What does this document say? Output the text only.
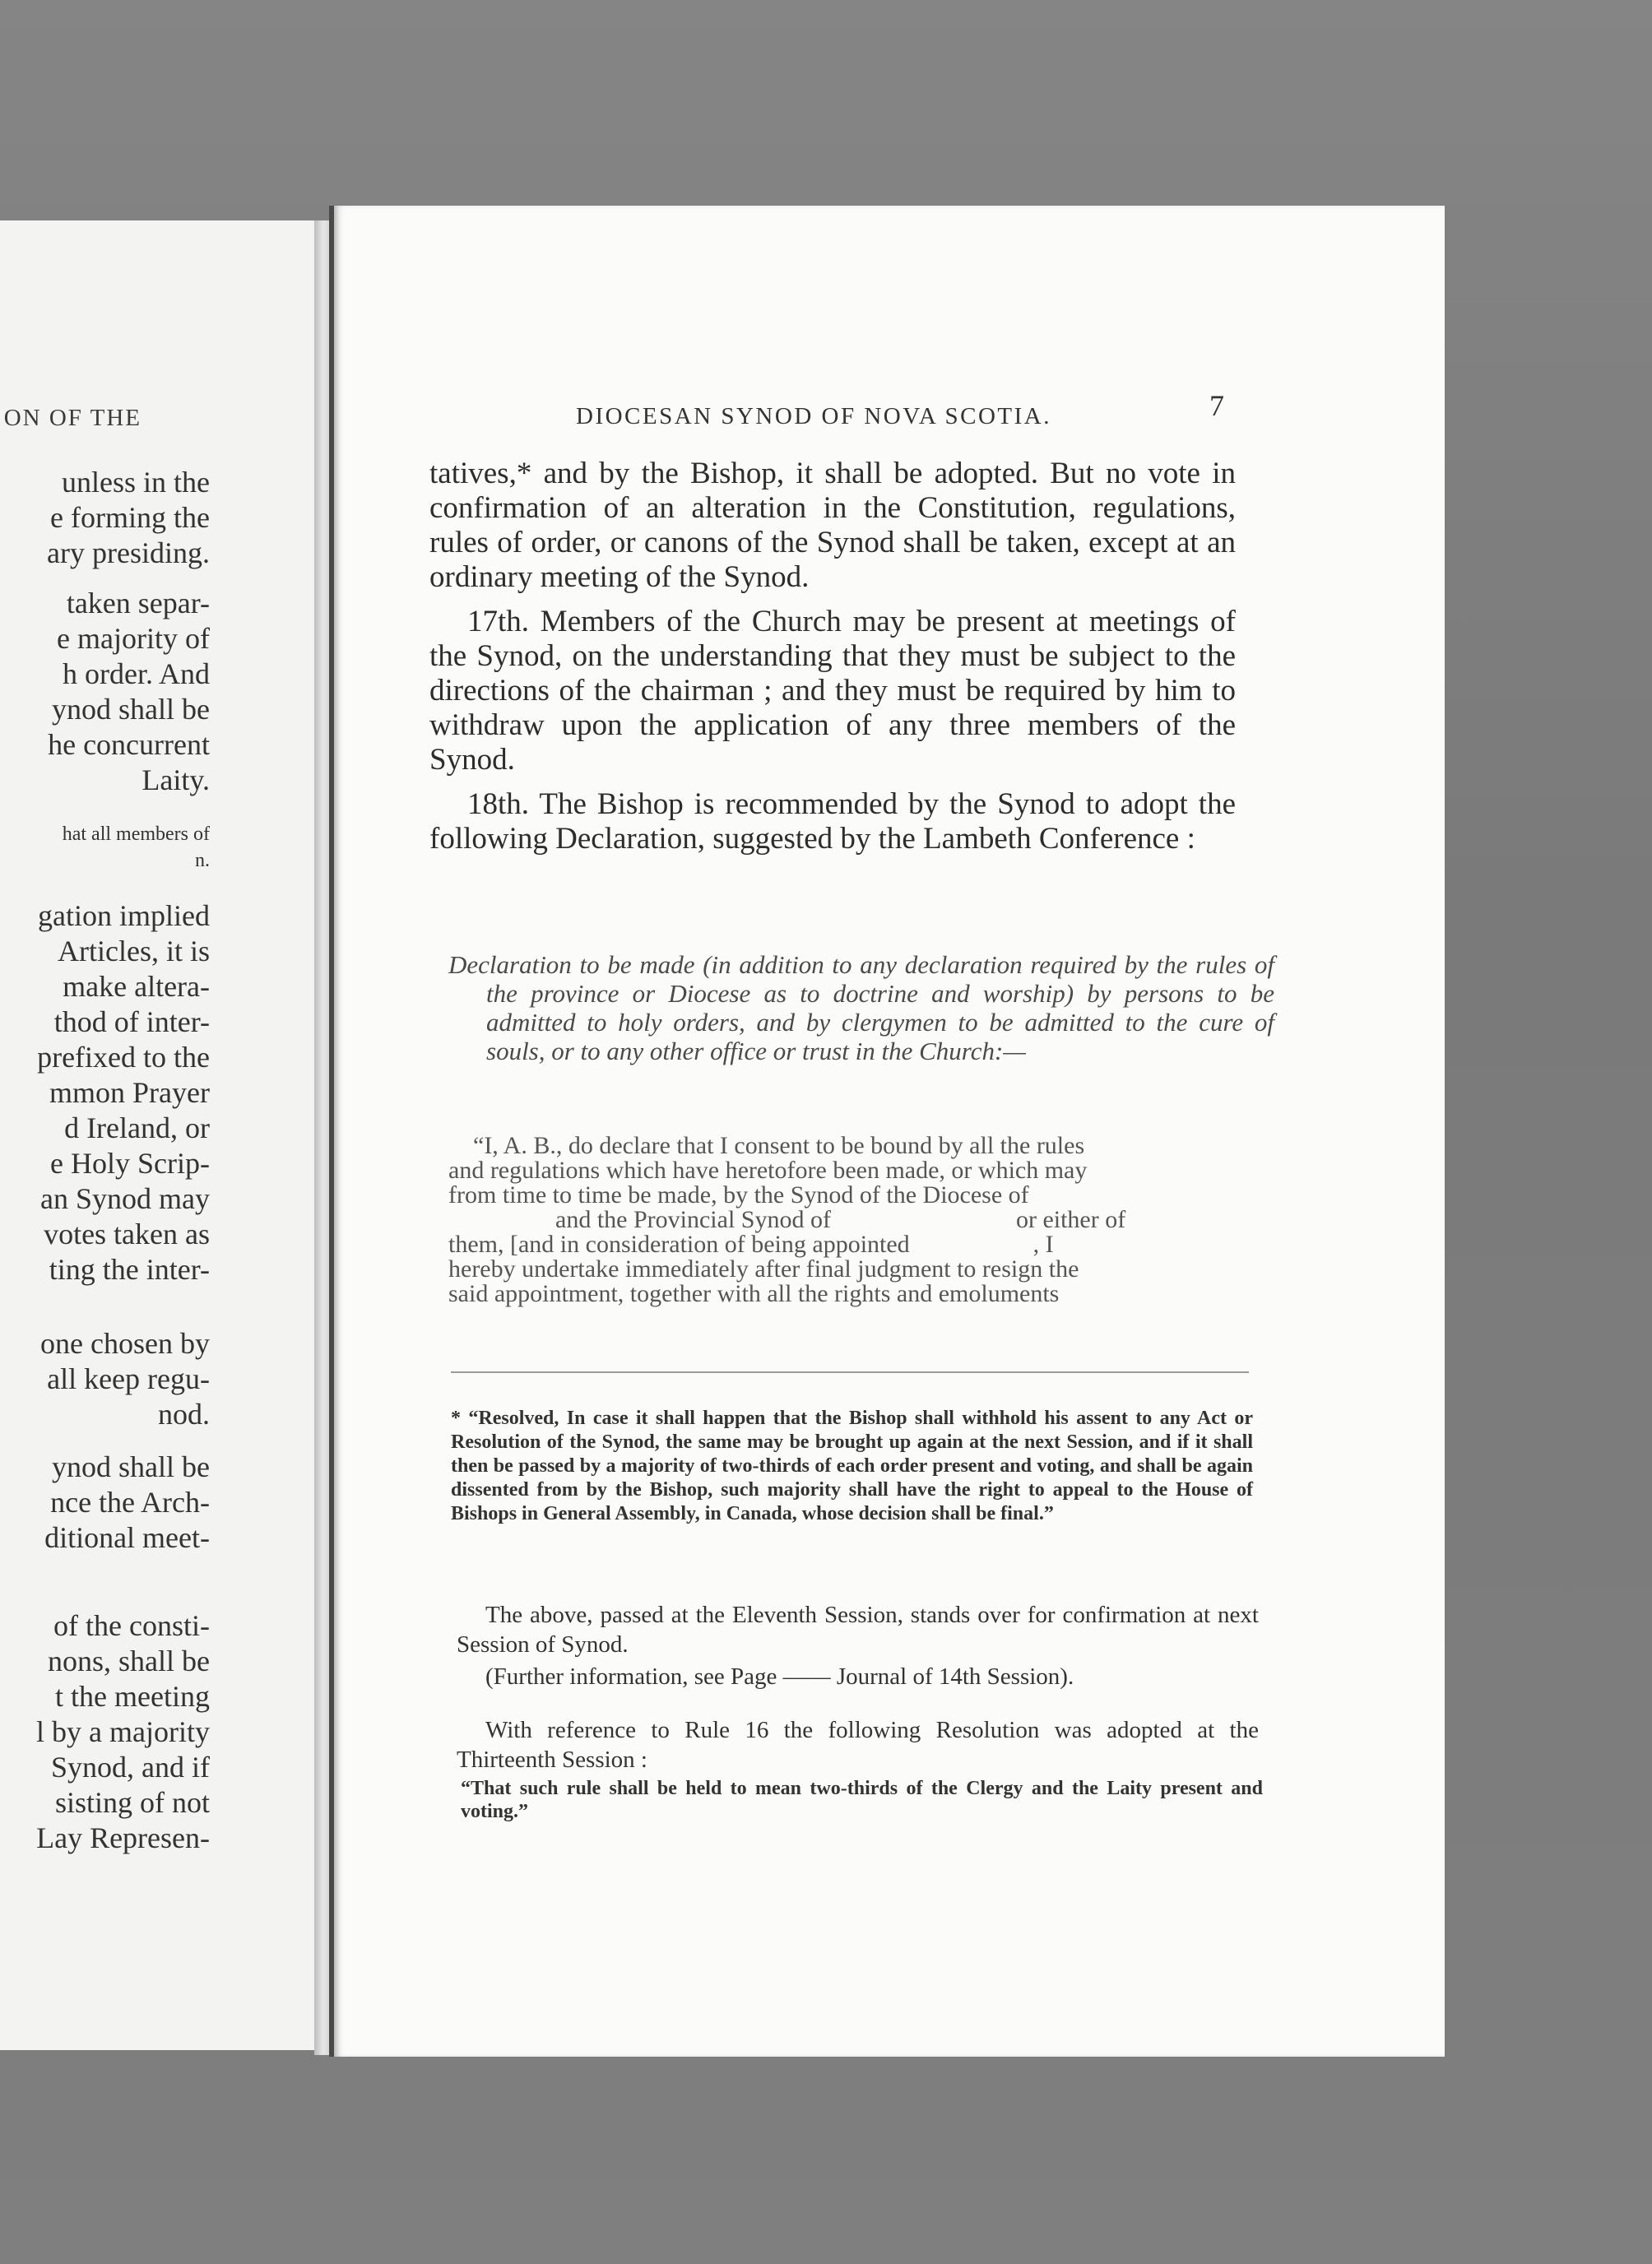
ON OF THE
unless in the
e forming the
ary presiding.
taken separ-
e majority of
h order. And
ynod shall be
he concurrent
Laity.
hat all members of
n.
gation implied
Articles, it is
make altera-
thod of inter-
prefixed to the
mmon Prayer
d Ireland, or
e Holy Scrip-
an Synod may
votes taken as
ting the inter-
one chosen by
all keep regu-
nod.
ynod shall be
nce the Arch-
ditional meet-
of the consti-
nons, shall be
t the meeting
l by a majority
Synod, and if
sisting of not
Lay Represen-
DIOCESAN SYNOD OF NOVA SCOTIA.	7

tatives,* and by the Bishop, it shall be adopted. But no vote in confirmation of an alteration in the Constitution, regulations, rules of order, or canons of the Synod shall be taken, except at an ordinary meeting of the Synod.

17th. Members of the Church may be present at meetings of the Synod, on the understanding that they must be subject to the directions of the chairman ; and they must be required by him to withdraw upon the application of any three members of the Synod.

18th. The Bishop is recommended by the Synod to adopt the following Declaration, suggested by the Lambeth Conference :

Declaration to be made (in addition to any declaration required by the rules of the province or Diocese as to doctrine and worship) by persons to be admitted to holy orders, and by clergymen to be admitted to the cure of souls, or to any other office or trust in the Church:—
“I, A. B., do declare that I consent to be bound by all the rules
and regulations which have heretofore been made, or which may
from time to time be made, by the Synod of the Diocese of
and the Provincial Synod of                              or either of
them, [and in consideration of being appointed                    , I
hereby undertake immediately after final judgment to resign the
said appointment, together with all the rights and emoluments
* “Resolved, In case it shall happen that the Bishop shall withhold his assent to any Act or Resolution of the Synod, the same may be brought up again at the next Session, and if it shall then be passed by a majority of two-thirds of each order present and voting, and shall be again dissented from by the Bishop, such majority shall have the right to appeal to the House of Bishops in General Assembly, in Canada, whose decision shall be final.”
The above, passed at the Eleventh Session, stands over for confirmation at next Session of Synod.
(Further information, see Page —— Journal of 14th Session).
With reference to Rule 16 the following Resolution was adopted at the Thirteenth Session :
“That such rule shall be held to mean two-thirds of the Clergy and the Laity present and voting.”
